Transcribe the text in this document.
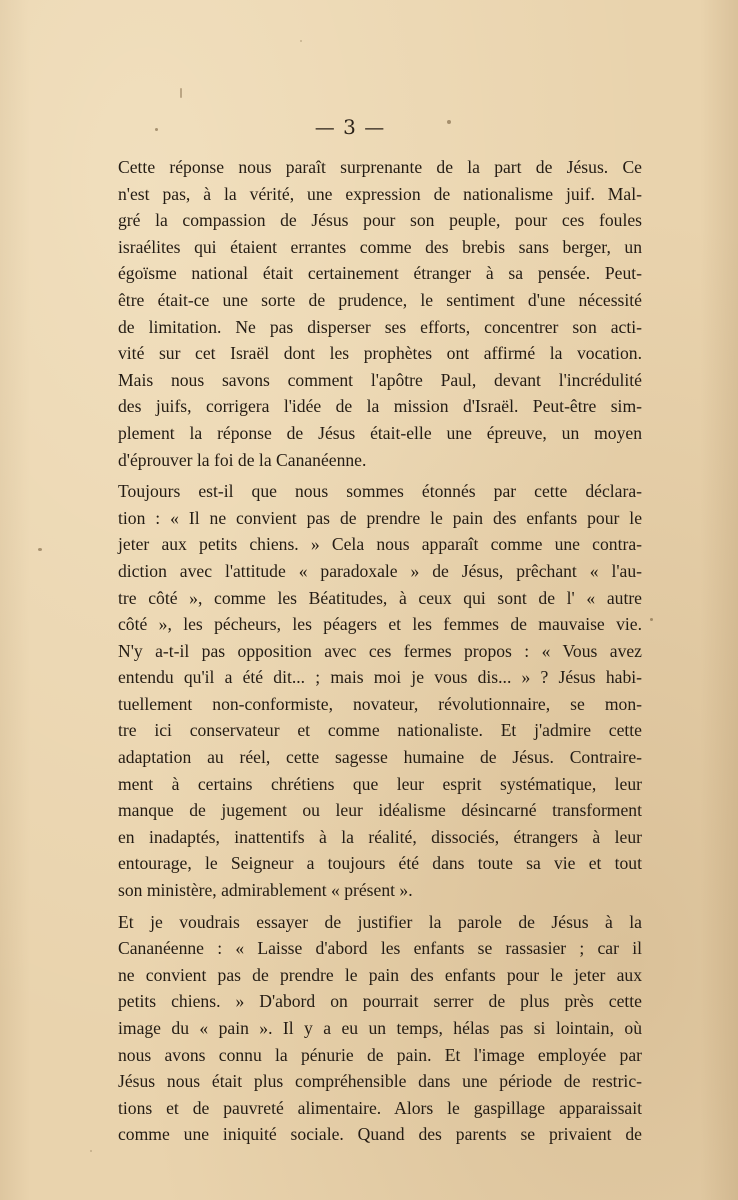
— 3 —

Cette réponse nous paraît surprenante de la part de Jésus. Ce
n'est pas, à la vérité, une expression de nationalisme juif. Mal-
gré la compassion de Jésus pour son peuple, pour ces foules
israélites qui étaient errantes comme des brebis sans berger, un
égoïsme national était certainement étranger à sa pensée. Peut-
être était-ce une sorte de prudence, le sentiment d'une nécessité
de limitation. Ne pas disperser ses efforts, concentrer son acti-
vité sur cet Israël dont les prophètes ont affirmé la vocation.
Mais nous savons comment l'apôtre Paul, devant l'incrédulité
des juifs, corrigera l'idée de la mission d'Israël. Peut-être sim-
plement la réponse de Jésus était-elle une épreuve, un moyen
d'éprouver la foi de la Cananéenne.

Toujours est-il que nous sommes étonnés par cette déclara-
tion : « Il ne convient pas de prendre le pain des enfants pour le
jeter aux petits chiens. » Cela nous apparaît comme une contra-
diction avec l'attitude « paradoxale » de Jésus, prêchant « l'au-
tre côté », comme les Béatitudes, à ceux qui sont de l' « autre
côté », les pécheurs, les péagers et les femmes de mauvaise vie.
N'y a-t-il pas opposition avec ces fermes propos : « Vous avez
entendu qu'il a été dit... ; mais moi je vous dis... » ? Jésus habi-
tuellement non-conformiste, novateur, révolutionnaire, se mon-
tre ici conservateur et comme nationaliste. Et j'admire cette
adaptation au réel, cette sagesse humaine de Jésus. Contraire-
ment à certains chrétiens que leur esprit systématique, leur
manque de jugement ou leur idéalisme désincarné transforment
en inadaptés, inattentifs à la réalité, dissociés, étrangers à leur
entourage, le Seigneur a toujours été dans toute sa vie et tout
son ministère, admirablement « présent ».

Et je voudrais essayer de justifier la parole de Jésus à la
Cananéenne : « Laisse d'abord les enfants se rassasier ; car il
ne convient pas de prendre le pain des enfants pour le jeter aux
petits chiens. » D'abord on pourrait serrer de plus près cette
image du « pain ». Il y a eu un temps, hélas pas si lointain, où
nous avons connu la pénurie de pain. Et l'image employée par
Jésus nous était plus compréhensible dans une période de restric-
tions et de pauvreté alimentaire. Alors le gaspillage apparaissait
comme une iniquité sociale. Quand des parents se privaient de
